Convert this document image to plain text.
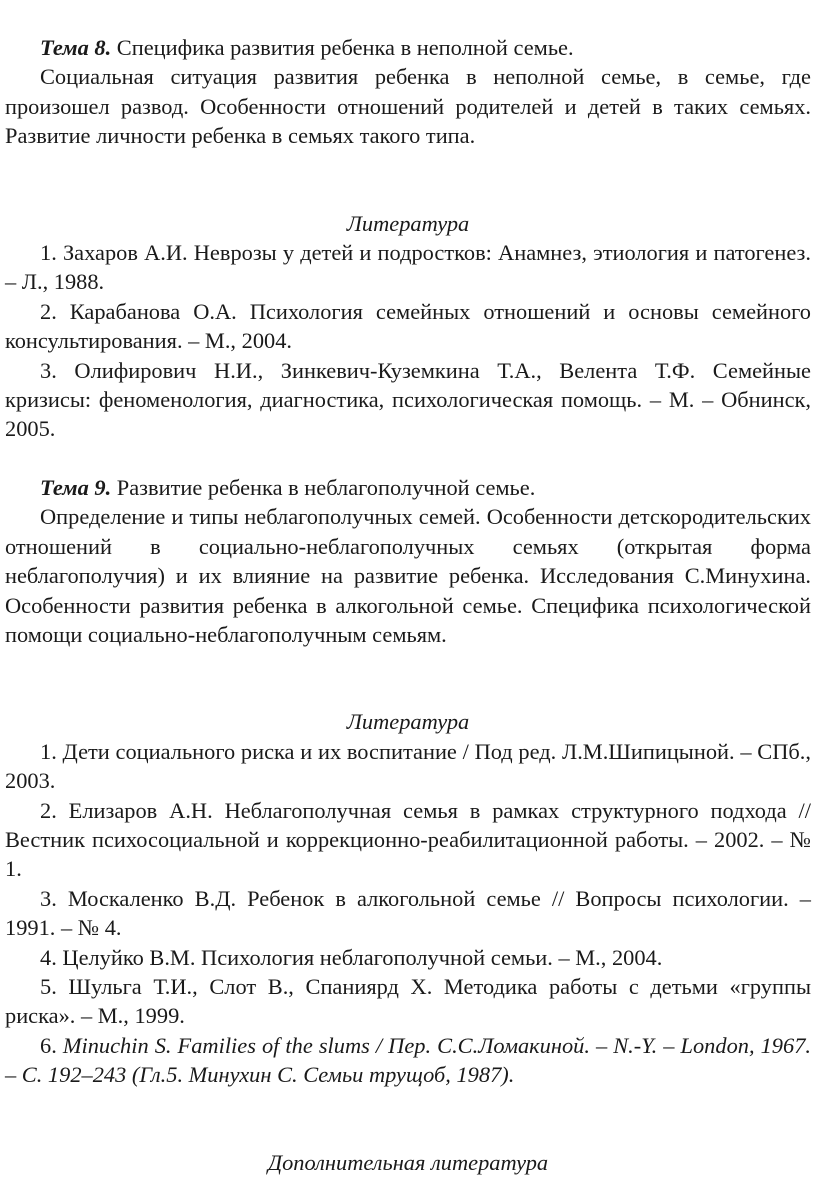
Тема 8. Специфика развития ребенка в неполной семье.

Социальная ситуация развития ребенка в неполной семье, в семье, где произошел развод. Особенности отношений родителей и детей в таких семьях. Развитие личности ребенка в семьях такого типа.

Литература

1. Захаров А.И. Неврозы у детей и подростков: Анамнез, этиология и патогенез. – Л., 1988.

2. Карабанова О.А. Психология семейных отношений и основы семейного консультирования. – М., 2004.

3. Олифирович Н.И., Зинкевич-Куземкина Т.А., Велента Т.Ф. Семейные кризисы: феноменология, диагностика, психологическая помощь. – М. – Обнинск, 2005.

Тема 9. Развитие ребенка в неблагополучной семье.

Определение и типы неблагополучных семей. Особенности детскородительских отношений в социально-неблагополучных семьях (открытая форма неблагополучия) и их влияние на развитие ребенка. Исследования С.Минухина. Особенности развития ребенка в алкогольной семье. Специфика психологической помощи социально-неблагополучным семьям.

Литература

1. Дети социального риска и их воспитание / Под ред. Л.М.Шипицыной. – СПб., 2003.

2. Елизаров А.Н. Неблагополучная семья в рамках структурного подхода // Вестник психосоциальной и коррекционно-реабилитационной работы. – 2002. – № 1.

3. Москаленко В.Д. Ребенок в алкогольной семье // Вопросы психологии. – 1991. – № 4.

4. Целуйко В.М. Психология неблагополучной семьи. – М., 2004.

5. Шульга Т.И., Слот В., Спаниярд Х. Методика работы с детьми «группы риска». – М., 1999.

6. Minuchin S. Families of the slums / Пер. С.С.Ломакиной. – N.-Y. – London, 1967. – С. 192–243 (Гл.5. Минухин С. Семьи трущоб, 1987).

Дополнительная литература
